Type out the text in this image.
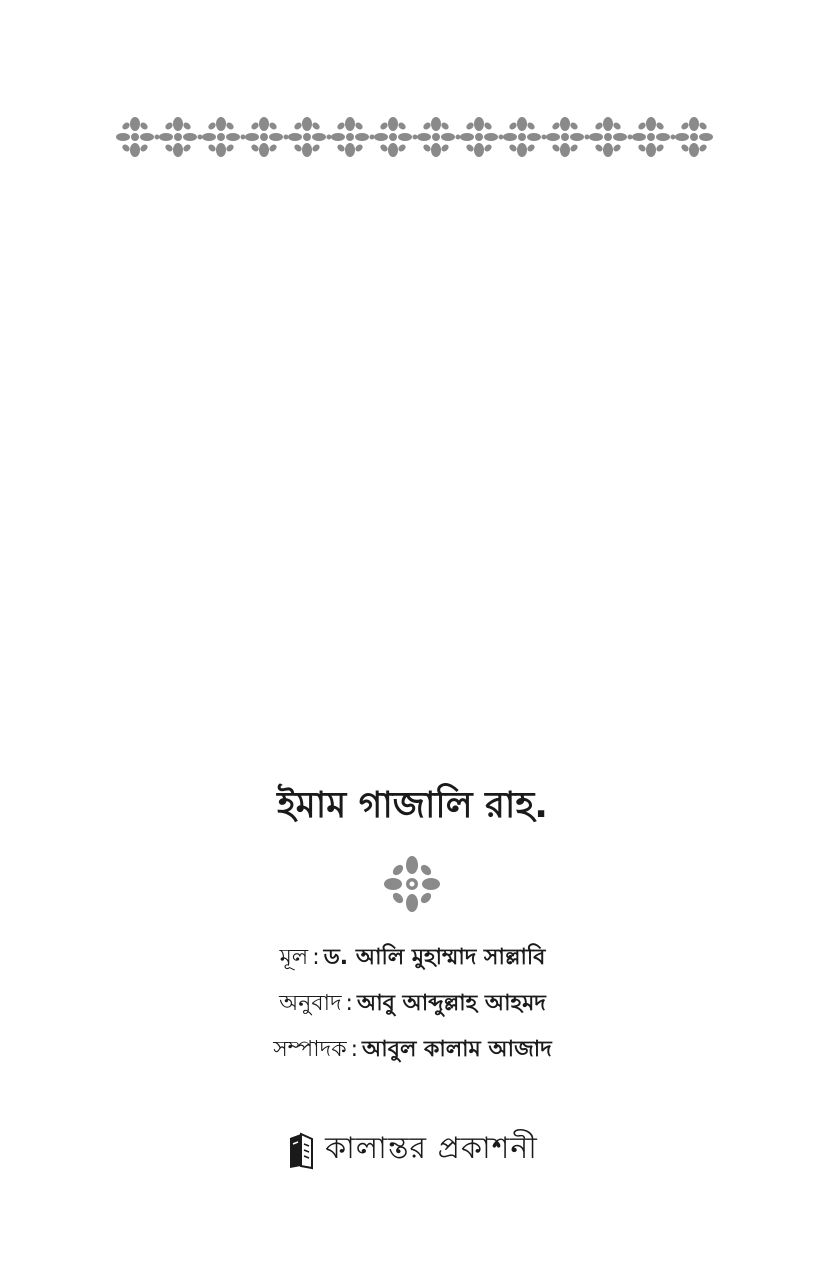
ইমাম গাজালি রাহ.
মূল : ড. আলি মুহাম্মাদ সাল্লাবি
অনুবাদ : আবু আব্দুল্লাহ আহমদ
সম্পাদক : আবুল কালাম আজাদ
কালান্তর প্রকাশনী
